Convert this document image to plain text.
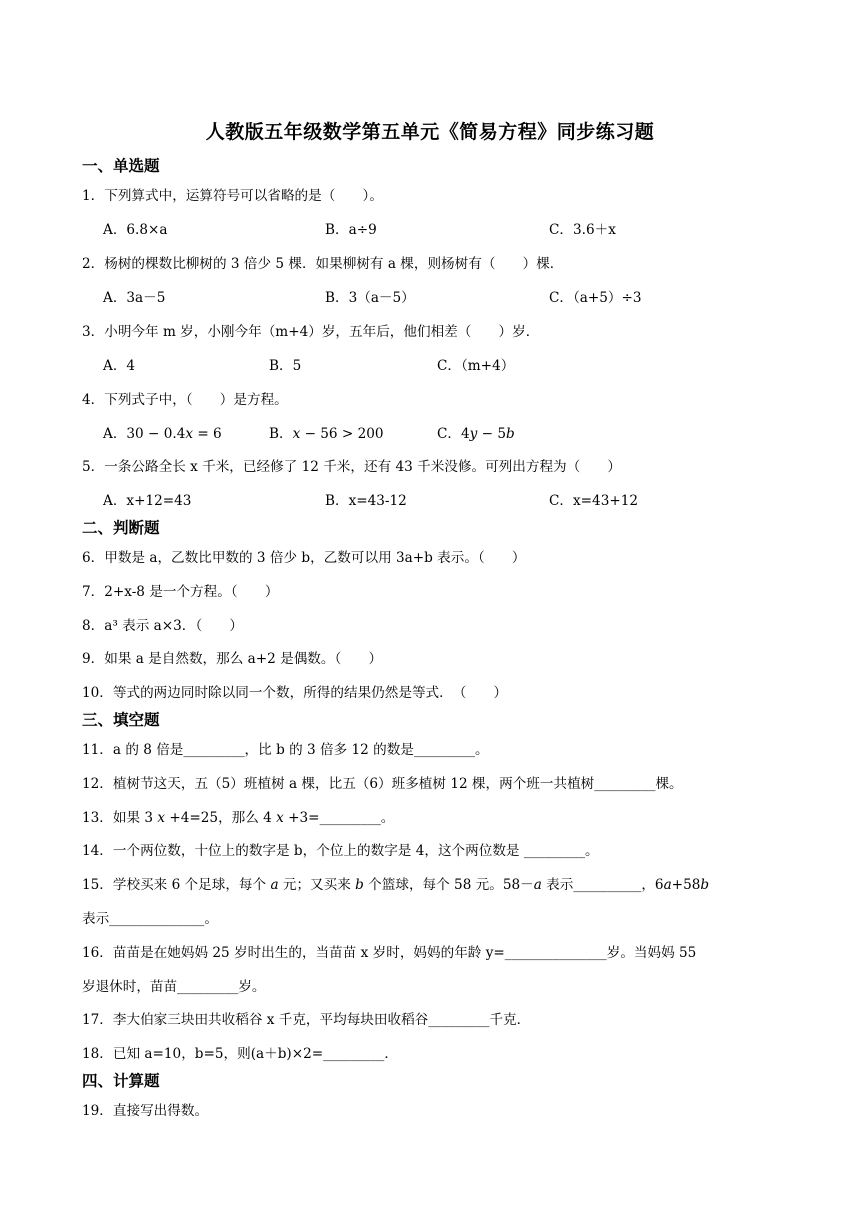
人教版五年级数学第五单元《简易方程》同步练习题
一、单选题
1．下列算式中，运算符号可以省略的是（　　）。
A．6.8×a	B．a÷9	C．3.6＋x
2．杨树的棵数比柳树的 3 倍少 5 棵．如果柳树有 a 棵，则杨树有（　　）棵．
A．3a－5	B．3（a－5）	C．（a+5）÷3
3．小明今年 m 岁，小刚今年（m+4）岁，五年后，他们相差（　　）岁．
A．4	B．5	C．（m+4）
4．下列式子中，（　　）是方程。
A．30 − 0.4𝑥 = 6	B．𝑥 − 56 > 200	C．4𝑦 − 5𝑏
5．一条公路全长 x 千米，已经修了 12 千米，还有 43 千米没修。可列出方程为（　　）
A．x+12=43	B．x=43-12	C．x=43+12
二、判断题
6．甲数是 a，乙数比甲数的 3 倍少 b，乙数可以用 3a+b 表示。（　　）
7．2+x-8 是一个方程。（　　）
8．a³ 表示 a×3．（　　）
9．如果 a 是自然数，那么 a+2 是偶数。（　　）
10．等式的两边同时除以同一个数，所得的结果仍然是等式．　（　　）
三、填空题
11．a 的 8 倍是_________，比 b 的 3 倍多 12 的数是_________。
12．植树节这天，五（5）班植树 a 棵，比五（6）班多植树 12 棵，两个班一共植树_________棵。
13．如果 3 𝑥 +4=25，那么 4 𝑥 +3=_________。
14．一个两位数，十位上的数字是 b，个位上的数字是 4，这个两位数是 _________。
15．学校买来 6 个足球，每个 𝑎 元；又买来 𝑏 个篮球，每个 58 元。58－𝑎 表示__________，6𝑎+58𝑏
表示______________。
16．苗苗是在她妈妈 25 岁时出生的，当苗苗 x 岁时，妈妈的年龄 y=_______________岁。当妈妈 55
岁退休时，苗苗_________岁。
17．李大伯家三块田共收稻谷 x 千克，平均每块田收稻谷_________千克．
18．已知 a=10，b=5，则(a＋b)×2=_________．
四、计算题
19．直接写出得数。
